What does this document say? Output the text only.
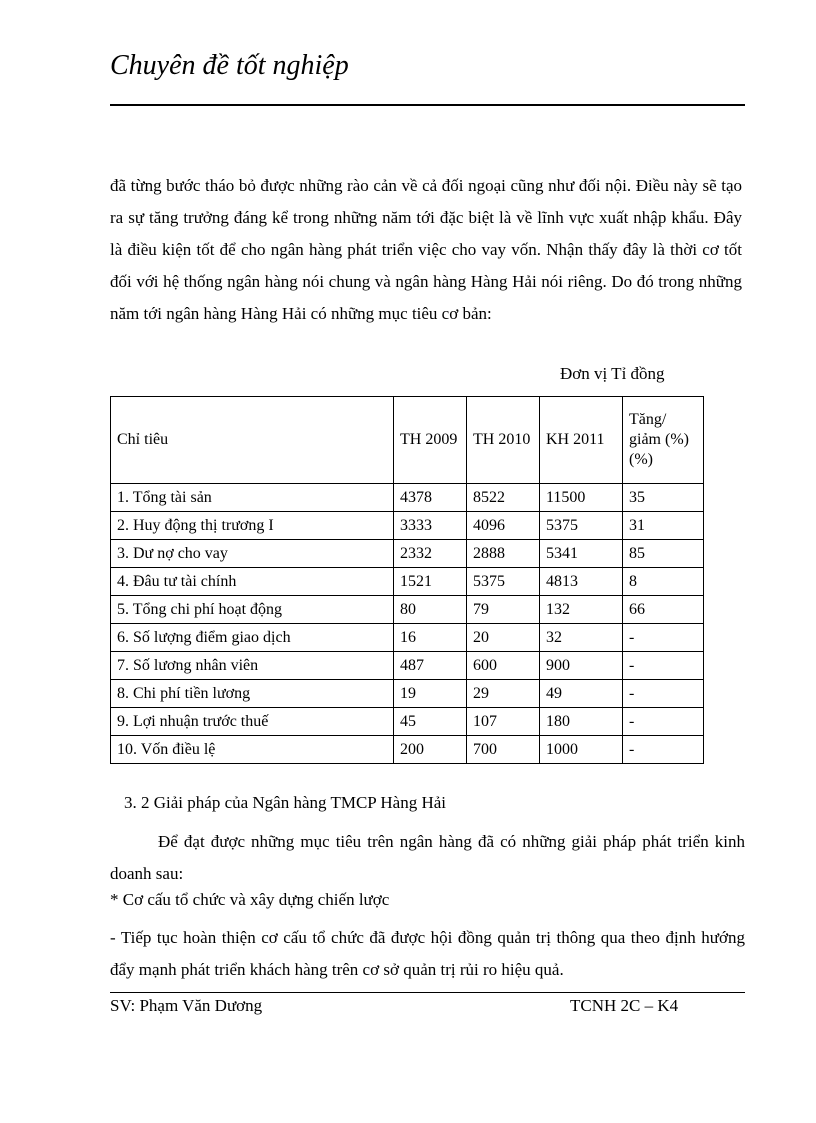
Chuyên đề tốt nghiệp
đã từng bước tháo bỏ được những rào cản về cả đối ngoại cũng như đối nội. Điều này sẽ tạo ra sự tăng trưởng đáng kể trong những năm tới đặc biệt là về lĩnh vực xuất nhập khẩu. Đây là điều kiện tốt để cho ngân hàng phát triển việc cho vay vốn. Nhận thấy đây là thời cơ tốt đối với hệ thống ngân hàng nói chung và ngân hàng Hàng Hải nói riêng. Do đó trong những năm tới ngân hàng Hàng Hải có những mục tiêu cơ bản:
Đơn vị Tỉ đồng
Chỉ tiêu	TH 2009	TH 2010	KH 2011	Tăng/ giảm (%) (%)
1. Tổng tài sản	4378	8522	11500	35
2. Huy động thị trương I	3333	4096	5375	31
3. Dư nợ cho vay	2332	2888	5341	85
4. Đâu tư tài chính	1521	5375	4813	8
5. Tổng chi phí hoạt động	80	79	132	66
6. Số lượng điểm giao dịch	16	20	32	-
7. Số lương nhân viên	487	600	900	-
8. Chi phí tiền lương	19	29	49	-
9. Lợi nhuận trước thuế	45	107	180	-
10. Vốn điều lệ	200	700	1000	-
3. 2 Giải pháp của Ngân hàng TMCP Hàng Hải
Để đạt được những mục tiêu trên ngân hàng đã có những giải pháp phát triển kinh doanh sau:
* Cơ cấu tổ chức và xây dựng chiến lược
- Tiếp tục hoàn thiện cơ cấu tổ chức đã được hội đồng quản trị thông qua theo định hướng đẩy mạnh phát triển khách hàng trên cơ sở quản trị rủi ro hiệu quả.
SV: Phạm Văn Dương	TCNH 2C – K4
